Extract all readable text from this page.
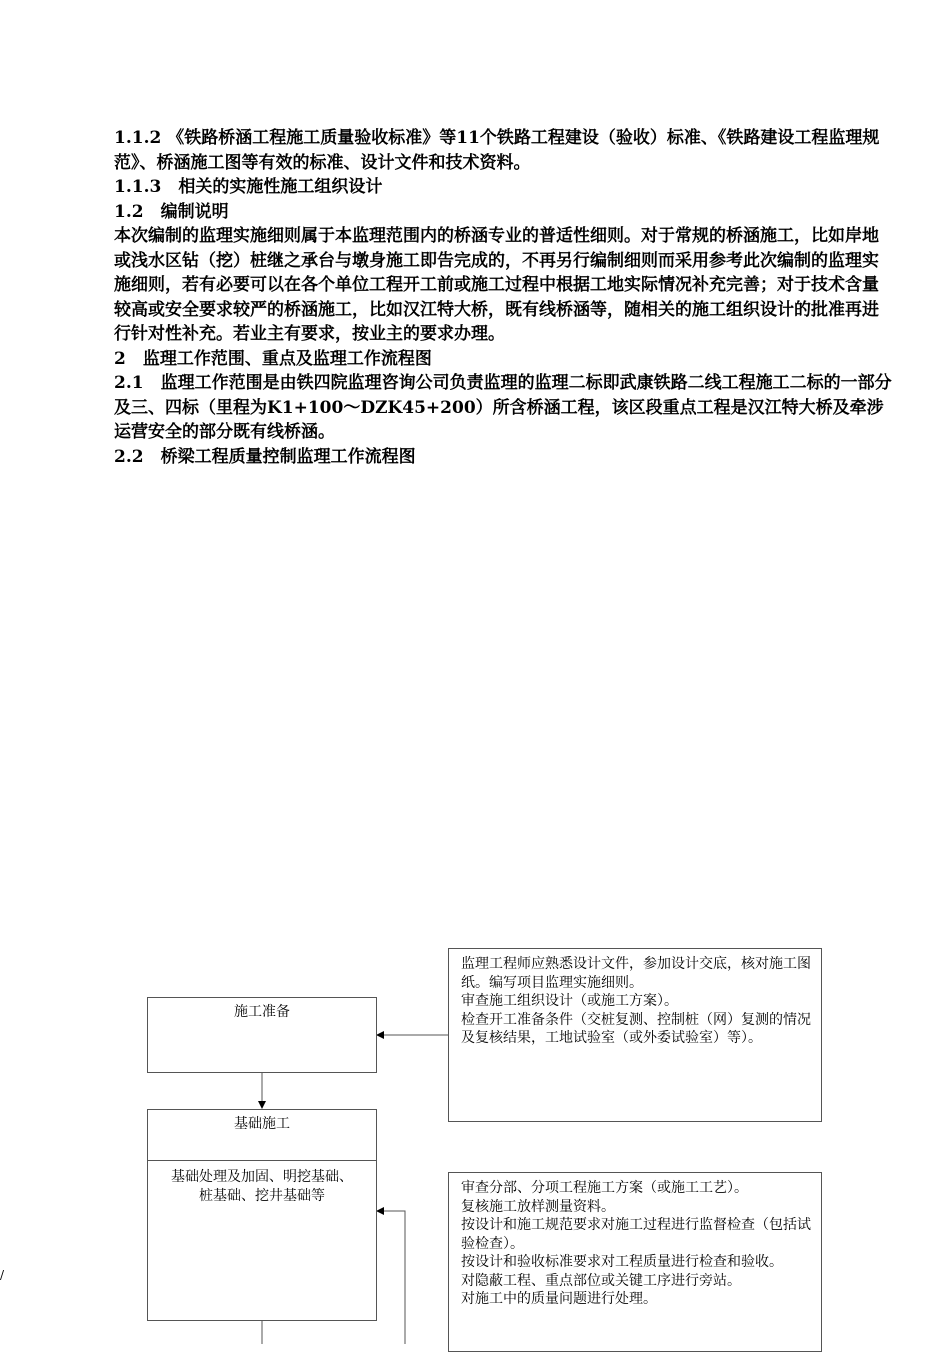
1.1.2 《铁路桥涵工程施工质量验收标准》等11个铁路工程建设（验收）标准、《铁路建设工程监理规范》、桥涵施工图等有效的标准、设计文件和技术资料。

1.1.3　相关的实施性施工组织设计

1.2　编制说明

本次编制的监理实施细则属于本监理范围内的桥涵专业的普适性细则。对于常规的桥涵施工，比如岸地或浅水区钻（挖）桩继之承台与墩身施工即告完成的，不再另行编制细则而采用参考此次编制的监理实施细则，若有必要可以在各个单位工程开工前或施工过程中根据工地实际情况补充完善；对于技术含量较高或安全要求较严的桥涵施工，比如汉江特大桥，既有线桥涵等，随相关的施工组织设计的批准再进行针对性补充。若业主有要求，按业主的要求办理。

2　监理工作范围、重点及监理工作流程图

2.1　监理工作范围是由铁四院监理咨询公司负责监理的监理二标即武康铁路二线工程施工二标的一部分及三、四标（里程为K1+100～DZK45+200）所含桥涵工程，该区段重点工程是汉江特大桥及牵涉运营安全的部分既有线桥涵。

2.2　桥梁工程质量控制监理工作流程图

施工准备
基础施工
基础处理及加固、明挖基础、桩基础、挖井基础等

监理工程师应熟悉设计文件，参加设计交底，核对施工图纸。编写项目监理实施细则。

审查施工组织设计（或施工方案）。

检查开工准备条件（交桩复测、控制桩（网）复测的情况及复核结果，工地试验室（或外委试验室）等）。

审查分部、分项工程施工方案（或施工工艺）。

复核施工放样测量资料。

按设计和施工规范要求对施工过程进行监督检查（包括试验检查）。

按设计和验收标准要求对工程质量进行检查和验收。

对隐蔽工程、重点部位或关键工序进行旁站。

对施工中的质量问题进行处理。

/
